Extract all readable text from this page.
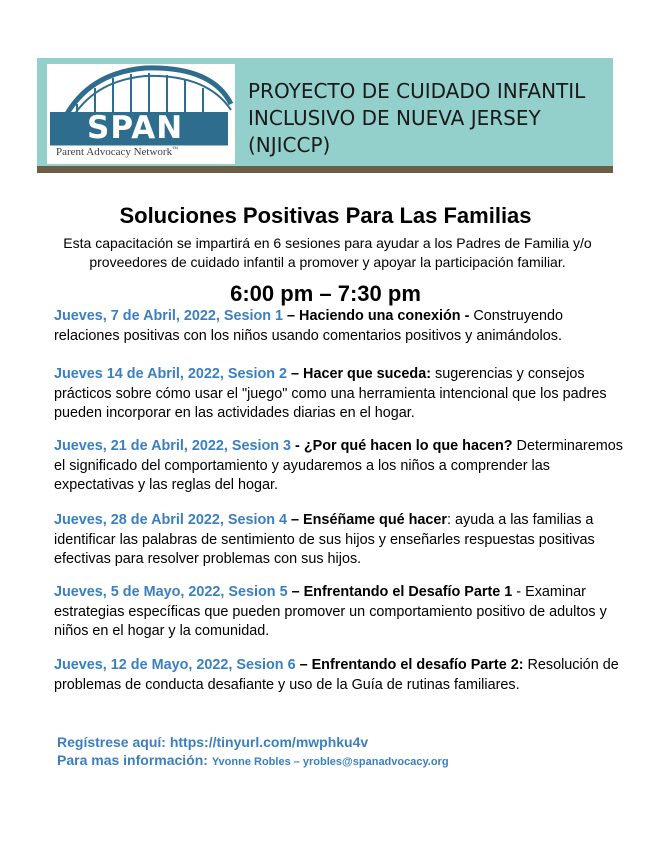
SPAN
Parent Advocacy Network™
PROYECTO DE CUIDADO INFANTIL INCLUSIVO DE NUEVA JERSEY (NJICCP)
Soluciones Positivas Para Las Familias
Esta capacitación se impartirá en 6 sesiones para ayudar a los Padres de Familia y/o proveedores de cuidado infantil a promover y apoyar la participación familiar.
6:00 pm – 7:30 pm
Jueves, 7 de Abril, 2022, Sesion 1 – Haciendo una conexión - Construyendo relaciones positivas con los niños usando comentarios positivos y animándolos.
Jueves 14 de Abril, 2022, Sesion 2 – Hacer que suceda: sugerencias y consejos prácticos sobre cómo usar el "juego" como una herramienta intencional que los padres pueden incorporar en las actividades diarias en el hogar.
Jueves, 21 de Abril, 2022, Sesion 3 - ¿Por qué hacen lo que hacen? Determinaremos el significado del comportamiento y ayudaremos a los niños a comprender las expectativas y las reglas del hogar.
Jueves, 28 de Abril 2022, Sesion 4 – Enséñame qué hacer: ayuda a las familias a identificar las palabras de sentimiento de sus hijos y enseñarles respuestas positivas efectivas para resolver problemas con sus hijos.
Jueves, 5 de Mayo, 2022, Sesion 5 – Enfrentando el Desafío Parte 1 - Examinar estrategias específicas que pueden promover un comportamiento positivo de adultos y niños en el hogar y la comunidad.
Jueves, 12 de Mayo, 2022, Sesion 6 – Enfrentando el desafío Parte 2: Resolución de problemas de conducta desafiante y uso de la Guía de rutinas familiares.
Regístrese aquí: https://tinyurl.com/mwphku4v
Para mas información: Yvonne Robles – yrobles@spanadvocacy.org
